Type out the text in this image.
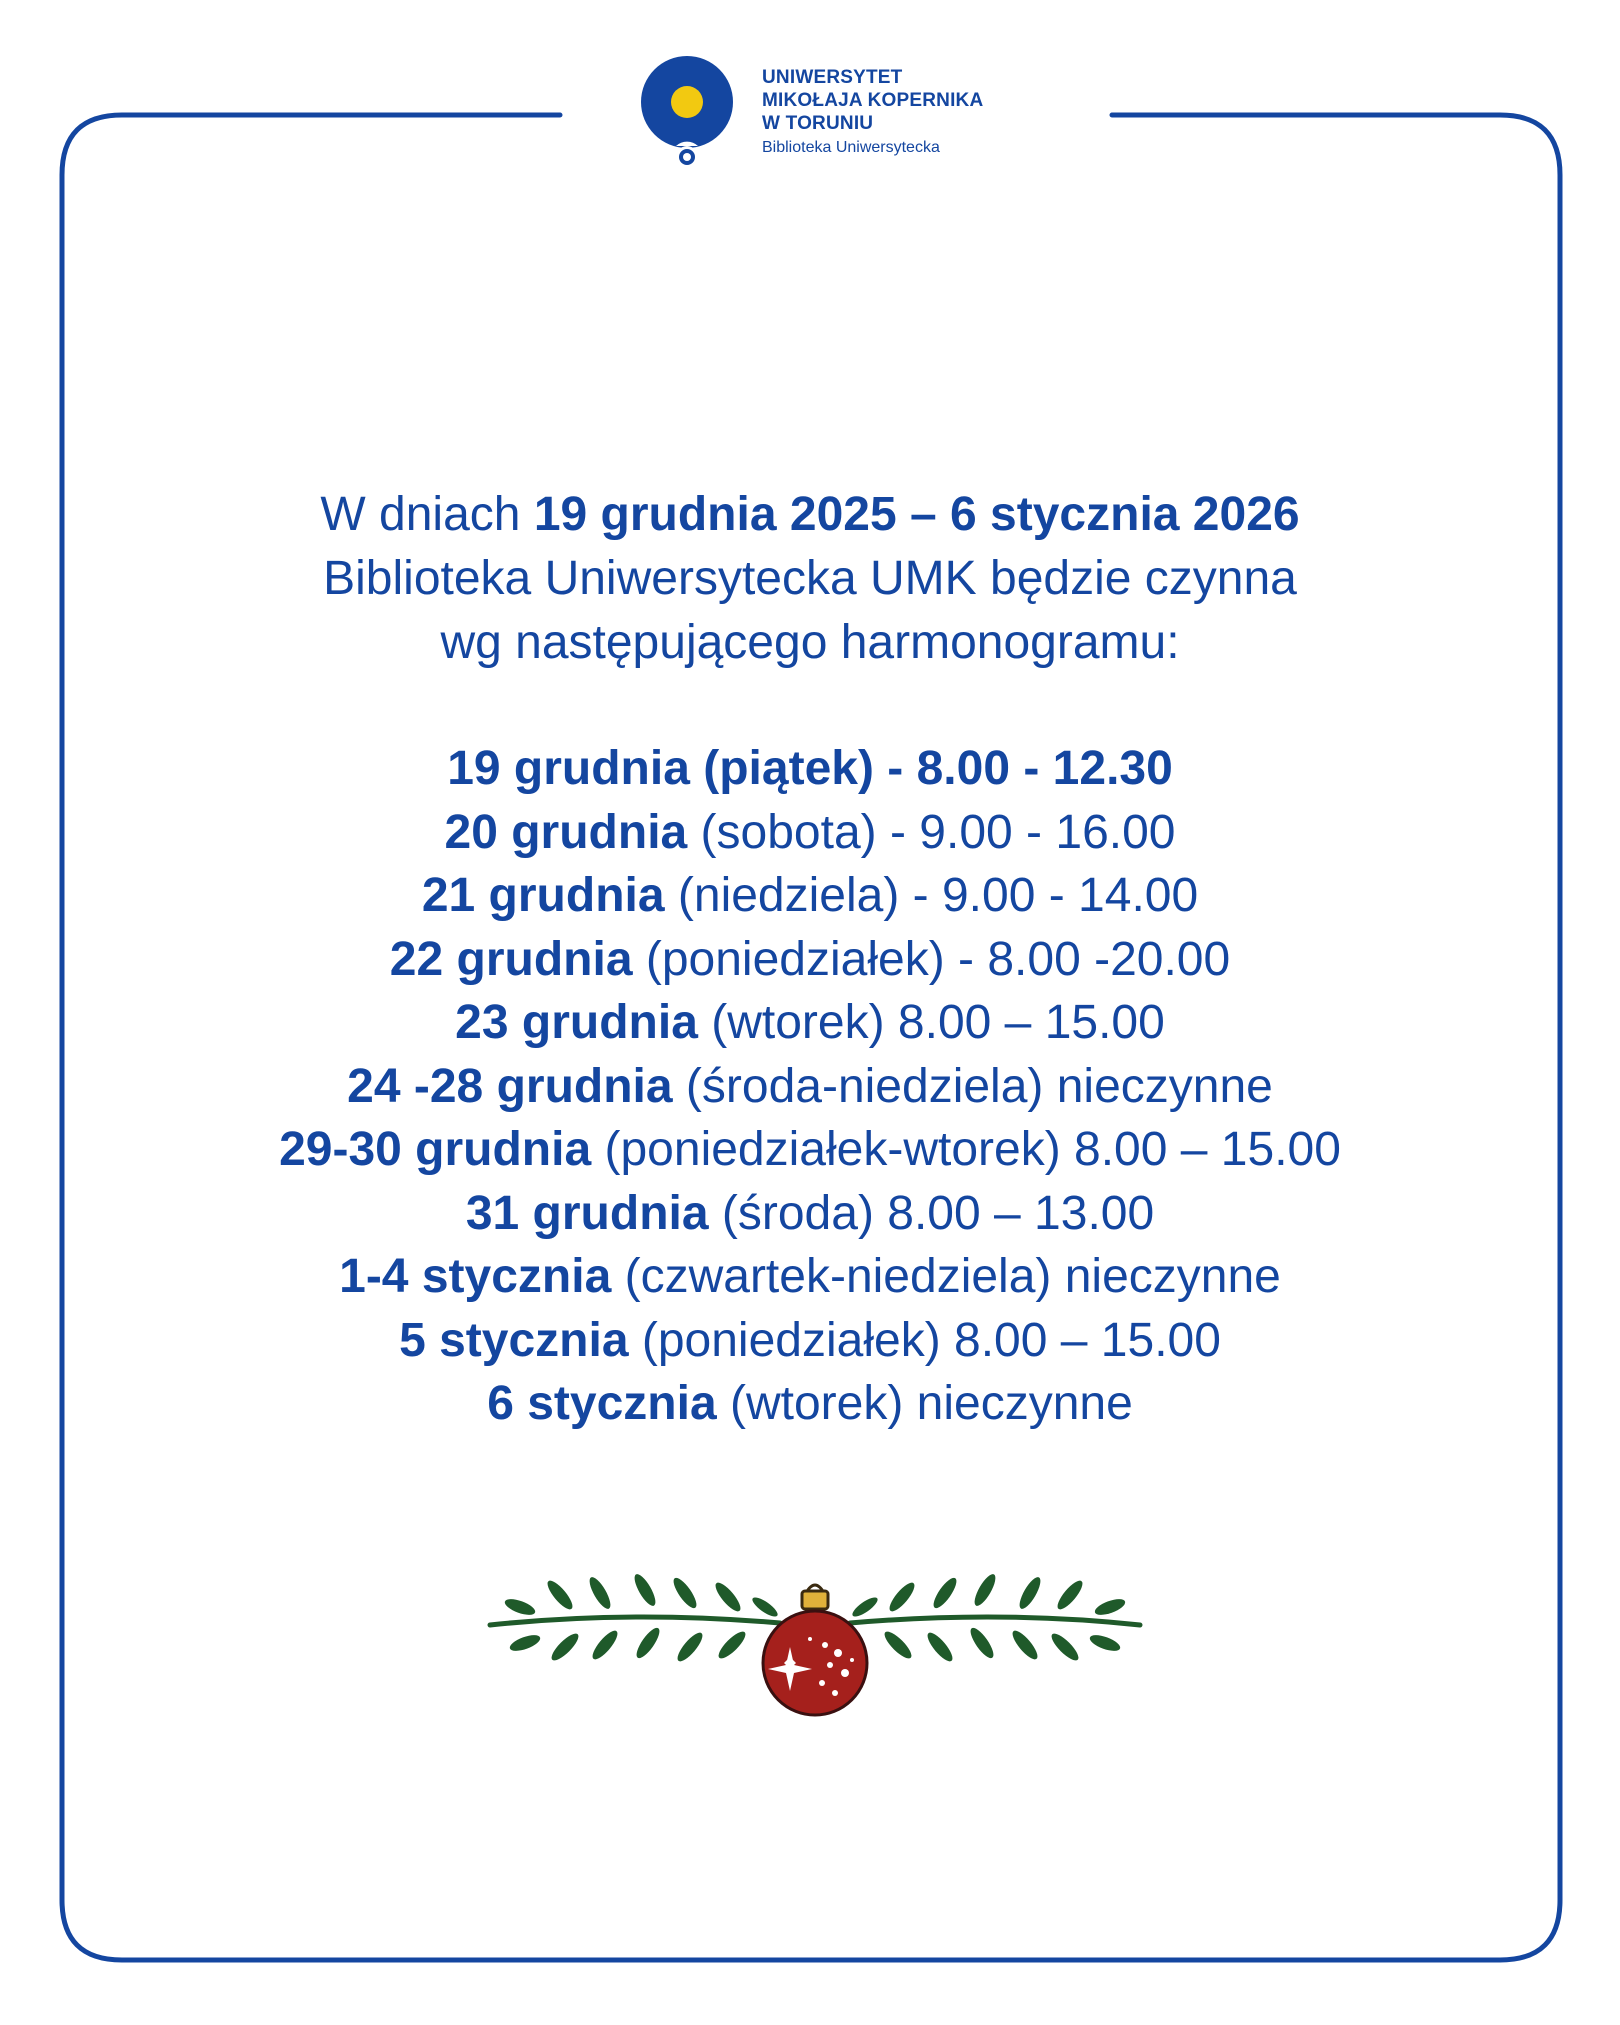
UNIWERSYTET
MIKOŁAJA KOPERNIKA
W TORUNIU
Biblioteka Uniwersytecka
W dniach 19 grudnia 2025 – 6 stycznia 2026
Biblioteka Uniwersytecka UMK będzie czynna
wg następującego harmonogramu:
19 grudnia (piątek) - 8.00 - 12.30
20 grudnia (sobota) - 9.00 - 16.00
21 grudnia (niedziela) - 9.00 - 14.00
22 grudnia (poniedziałek) - 8.00 -20.00
23 grudnia (wtorek) 8.00 – 15.00
24 -28 grudnia (środa-niedziela) nieczynne
29-30 grudnia (poniedziałek-wtorek) 8.00 – 15.00
31 grudnia (środa) 8.00 – 13.00
1-4 stycznia (czwartek-niedziela) nieczynne
5 stycznia (poniedziałek) 8.00 – 15.00
6 stycznia (wtorek) nieczynne
